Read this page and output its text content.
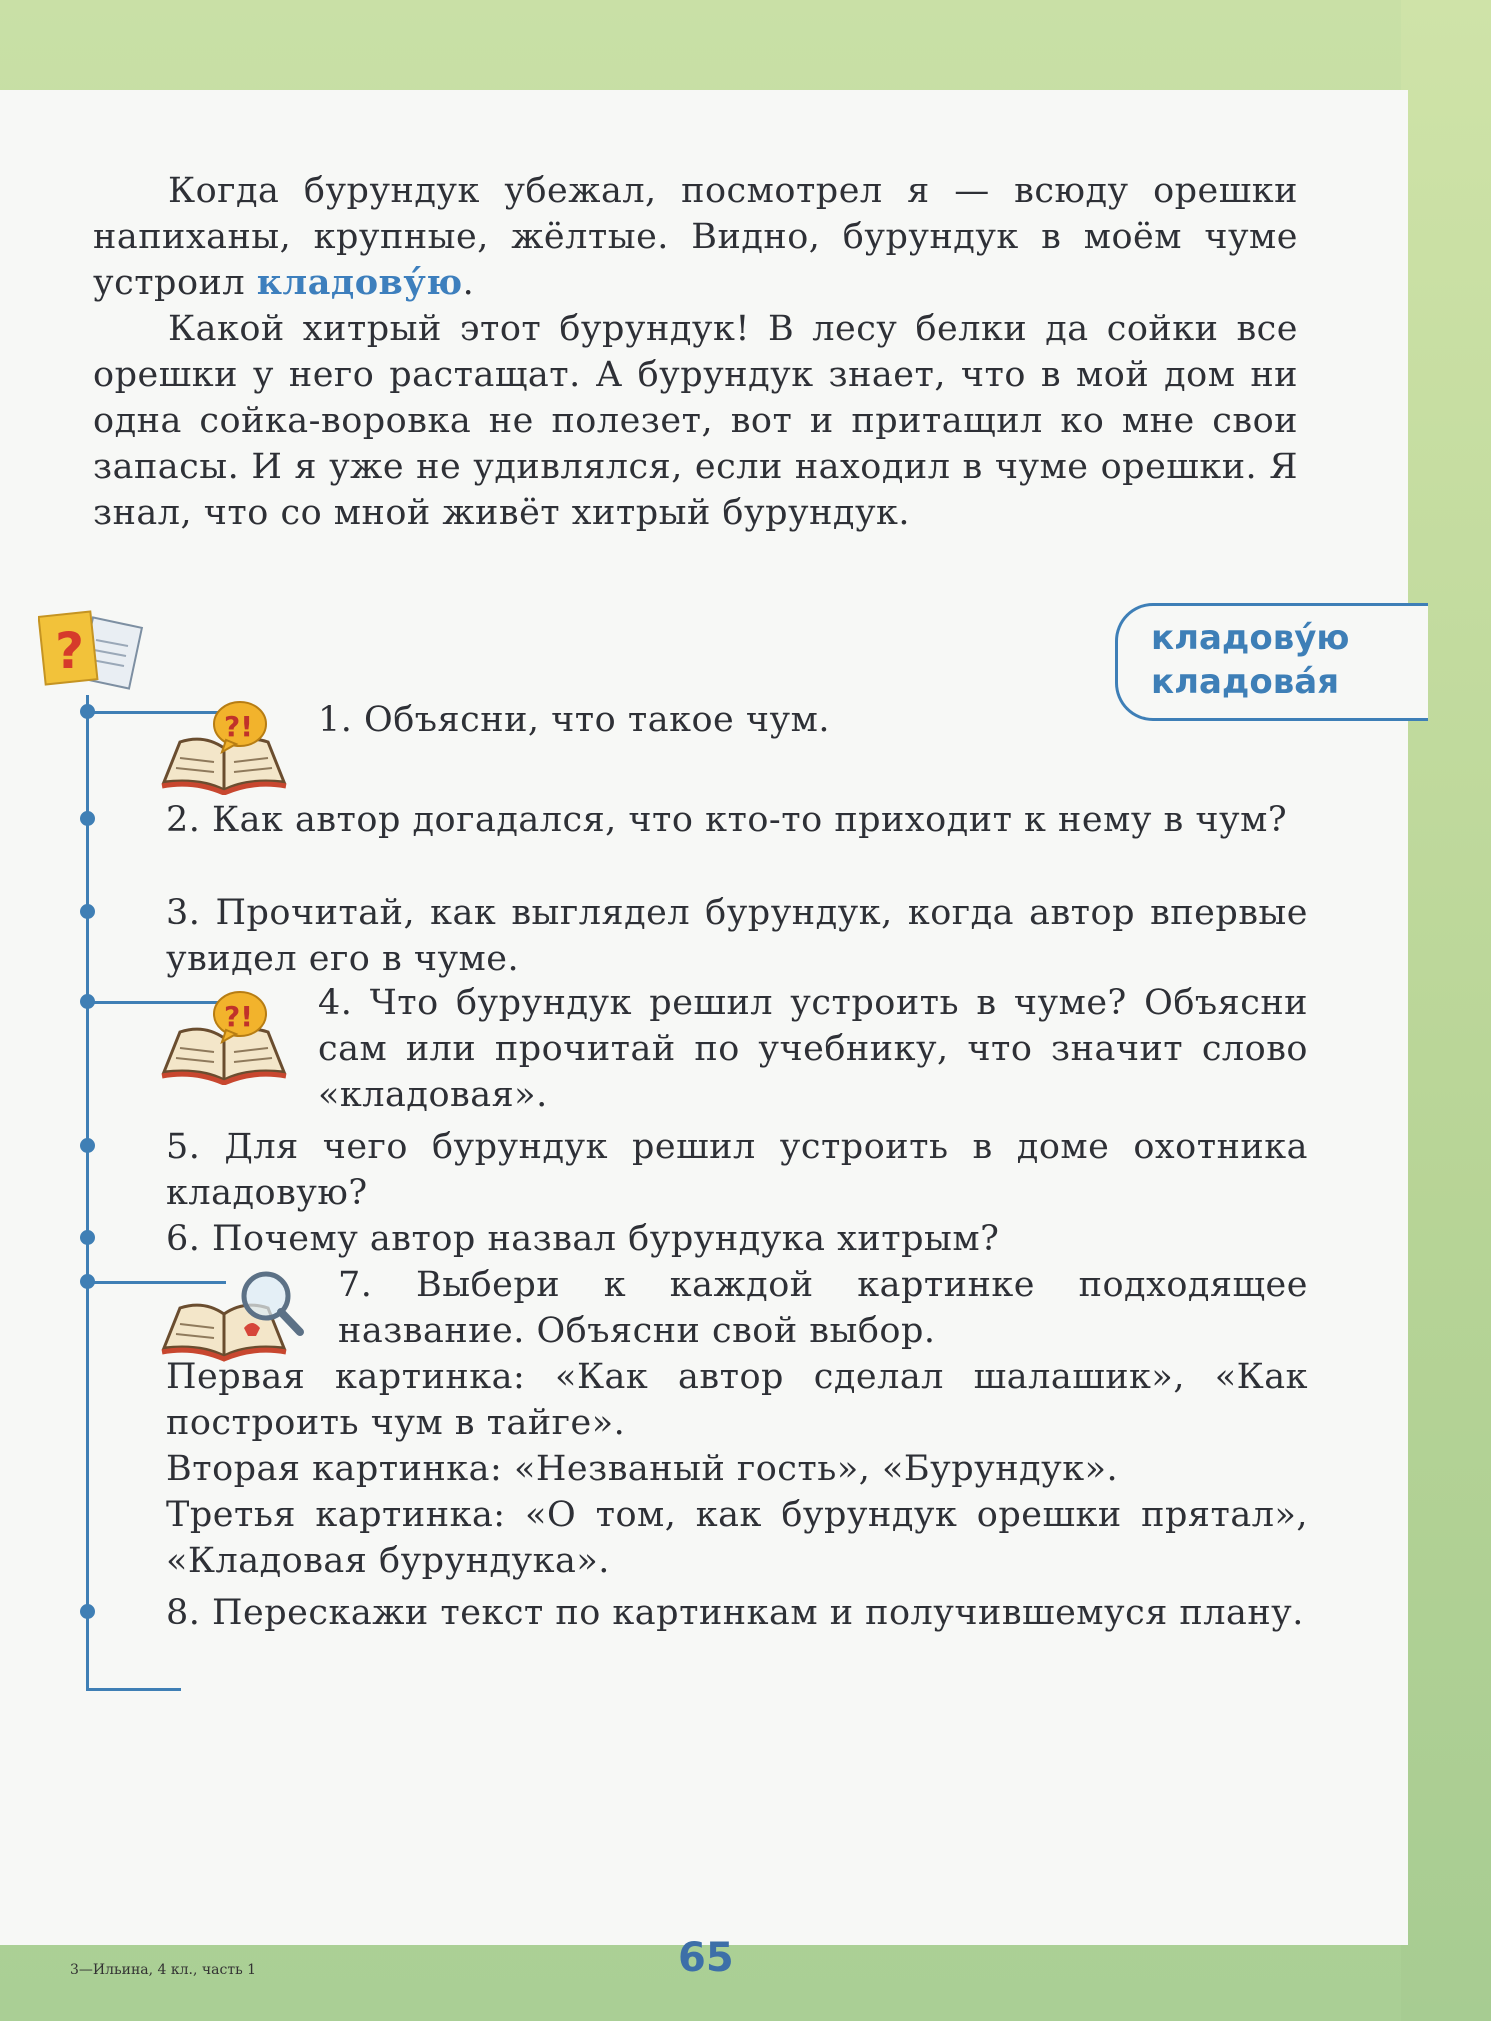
Когда бурундук убежал, посмотрел я — всюду орешки напиханы, крупные, жёлтые. Видно, бурундук в моём чуме устроил кладову́ю.

Какой хитрый этот бурундук! В лесу белки да сойки все орешки у него растащат. А бурундук знает, что в мой дом ни одна сойка-воровка не полезет, вот и притащил ко мне свои запасы. И я уже не удивлялся, если находил в чуме орешки. Я знал, что со мной живёт хитрый бурундук.

кладову́ю
кладова́я
?
?!
?!
1. Объясни, что такое чум.
2. Как автор догадался, что кто-то приходит к нему в чум?
3. Прочитай, как выглядел бурундук, когда автор впервые увидел его в чуме.
4. Что бурундук решил устроить в чуме? Объясни сам или прочитай по учебнику, что значит слово «кладовая».
5. Для чего бурундук решил устроить в доме охотника кладовую?
6. Почему автор назвал бурундука хитрым?
7. Выбери к каждой картинке подходящее название. Объясни свой выбор.
Первая картинка: «Как автор сделал шалашик», «Как построить чум в тайге».
Вторая картинка: «Незваный гость», «Бурундук».
Третья картинка: «О том, как бурундук орешки прятал», «Кладовая бурундука».
8. Перескажи текст по картинкам и получившемуся плану.
65
3—Ильина, 4 кл., часть 1
